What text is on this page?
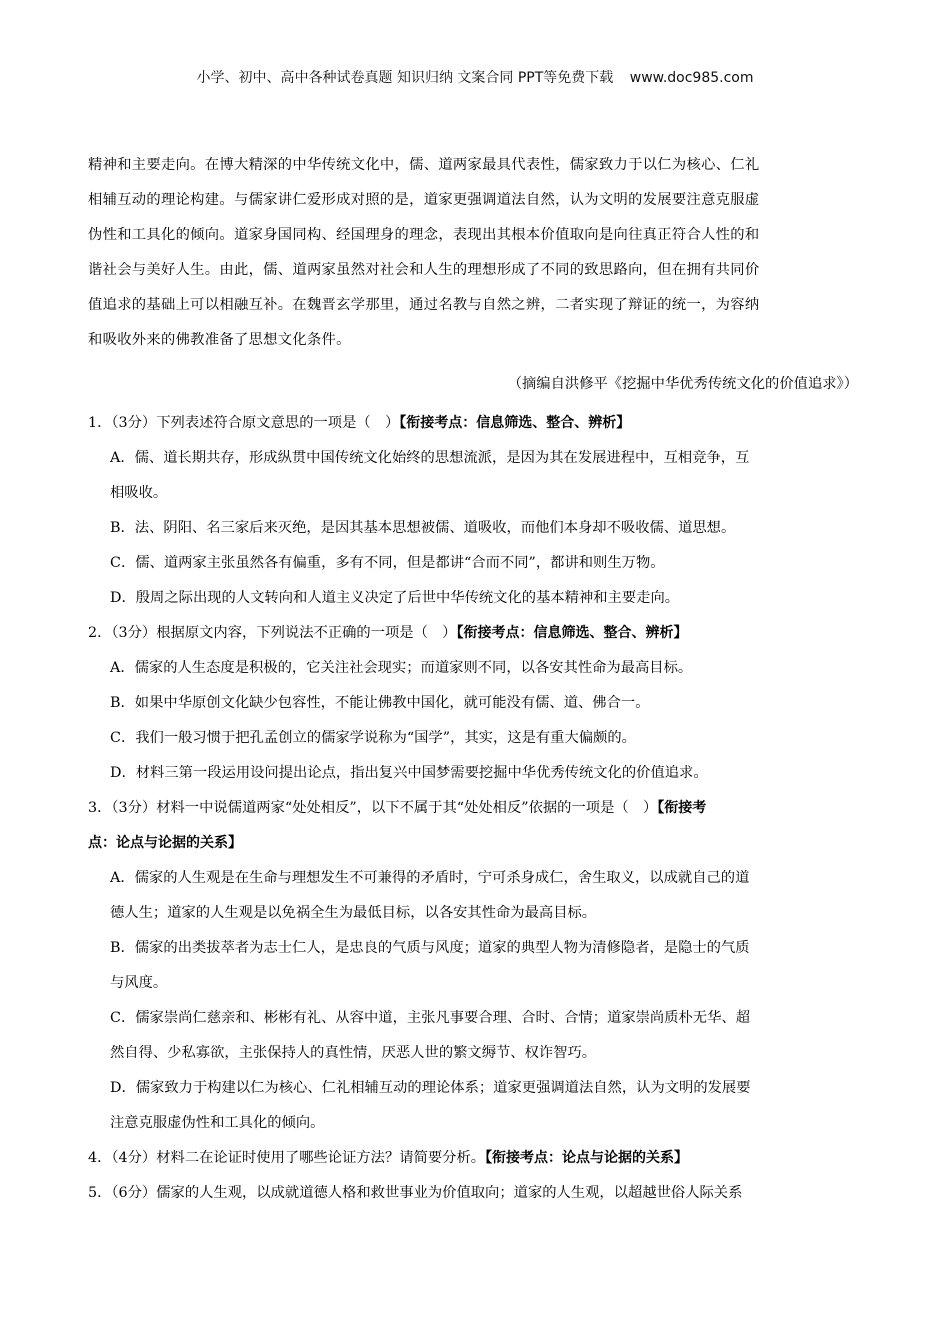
小学、初中、高中各种试卷真题 知识归纳 文案合同 PPT等免费下载 www.doc985.com
精神和主要走向。在博大精深的中华传统文化中，儒、道两家最具代表性，儒家致力于以仁为核心、仁礼
相辅互动的理论构建。与儒家讲仁爱形成对照的是，道家更强调道法自然，认为文明的发展要注意克服虚
伪性和工具化的倾向。道家身国同构、经国理身的理念，表现出其根本价值取向是向往真正符合人性的和
谐社会与美好人生。由此，儒、道两家虽然对社会和人生的理想形成了不同的致思路向，但在拥有共同价
值追求的基础上可以相融互补。在魏晋玄学那里，通过名教与自然之辨，二者实现了辩证的统一，为容纳
和吸收外来的佛教准备了思想文化条件。
（摘编自洪修平《挖掘中华优秀传统文化的价值追求》）
1．（3分）下列表述符合原文意思的一项是（　）【衔接考点：信息筛选、整合、辨析】
A．儒、道长期共存，形成纵贯中国传统文化始终的思想流派，是因为其在发展进程中，互相竞争，互
相吸收。
B．法、阴阳、名三家后来灭绝，是因其基本思想被儒、道吸收，而他们本身却不吸收儒、道思想。
C．儒、道两家主张虽然各有偏重，多有不同，但是都讲“合而不同”，都讲和则生万物。
D．殷周之际出现的人文转向和人道主义决定了后世中华传统文化的基本精神和主要走向。
2．（3分）根据原文内容，下列说法不正确的一项是（　）【衔接考点：信息筛选、整合、辨析】
A．儒家的人生态度是积极的，它关注社会现实；而道家则不同，以各安其性命为最高目标。
B．如果中华原创文化缺少包容性，不能让佛教中国化，就可能没有儒、道、佛合一。
C．我们一般习惯于把孔孟创立的儒家学说称为“国学”，其实，这是有重大偏颇的。
D．材料三第一段运用设问提出论点，指出复兴中国梦需要挖掘中华优秀传统文化的价值追求。
3．（3分）材料一中说儒道两家“处处相反”，以下不属于其“处处相反”依据的一项是（　）【衔接考
点：论点与论据的关系】
A．儒家的人生观是在生命与理想发生不可兼得的矛盾时，宁可杀身成仁，舍生取义，以成就自己的道
德人生；道家的人生观是以免祸全生为最低目标，以各安其性命为最高目标。
B．儒家的出类拔萃者为志士仁人，是忠良的气质与风度；道家的典型人物为清修隐者，是隐士的气质
与风度。
C．儒家崇尚仁慈亲和、彬彬有礼、从容中道，主张凡事要合理、合时、合情；道家崇尚质朴无华、超
然自得、少私寡欲，主张保持人的真性情，厌恶人世的繁文缛节、权诈智巧。
D．儒家致力于构建以仁为核心、仁礼相辅互动的理论体系；道家更强调道法自然，认为文明的发展要
注意克服虚伪性和工具化的倾向。
4．（4分）材料二在论证时使用了哪些论证方法？请简要分析。【衔接考点：论点与论据的关系】
5．（6分）儒家的人生观，以成就道德人格和救世事业为价值取向；道家的人生观，以超越世俗人际关系
